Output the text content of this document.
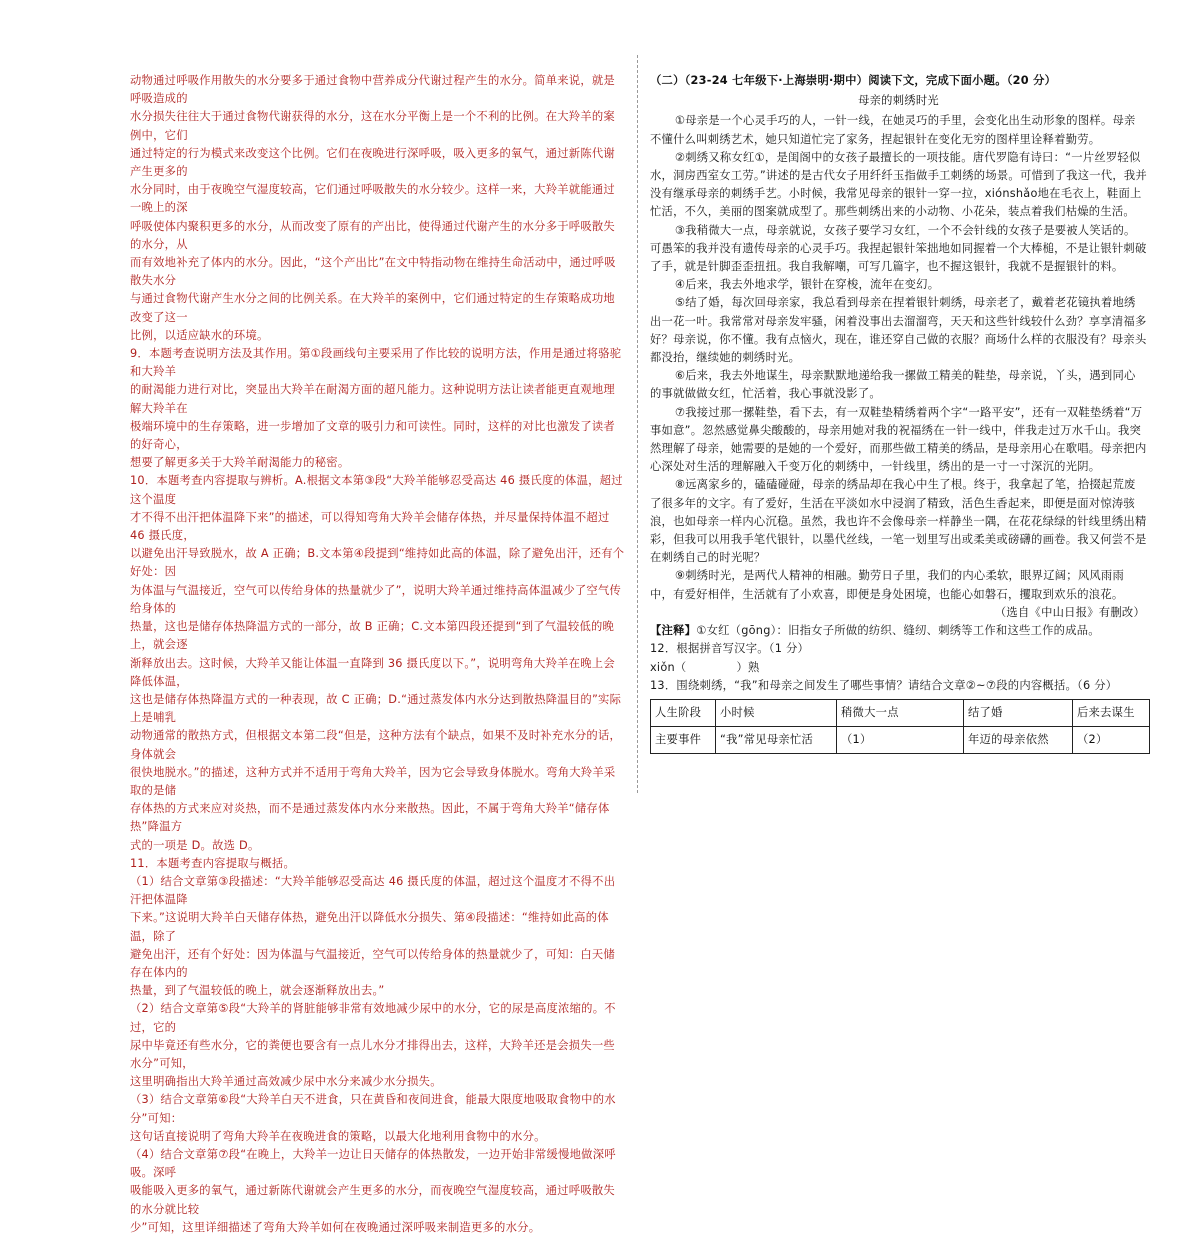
动物通过呼吸作用散失的水分要多于通过食物中营养成分代谢过程产生的水分。简单来说，就是呼吸造成的

水分损失往往大于通过食物代谢获得的水分，这在水分平衡上是一个不利的比例。在大羚羊的案例中，它们

通过特定的行为模式来改变这个比例。它们在夜晚进行深呼吸，吸入更多的氧气，通过新陈代谢产生更多的

水分同时，由于夜晚空气湿度较高，它们通过呼吸散失的水分较少。这样一来，大羚羊就能通过一晚上的深

呼吸使体内聚积更多的水分，从而改变了原有的产出比，使得通过代谢产生的水分多于呼吸散失的水分，从

而有效地补充了体内的水分。因此，“这个产出比”在文中特指动物在维持生命活动中，通过呼吸散失水分

与通过食物代谢产生水分之间的比例关系。在大羚羊的案例中，它们通过特定的生存策略成功地改变了这一

比例，以适应缺水的环境。

9．本题考查说明方法及其作用。第①段画线句主要采用了作比较的说明方法，作用是通过将骆驼和大羚羊

的耐渴能力进行对比，突显出大羚羊在耐渴方面的超凡能力。这种说明方法让读者能更直观地理解大羚羊在

极端环境中的生存策略，进一步增加了文章的吸引力和可读性。同时，这样的对比也激发了读者的好奇心，

想要了解更多关于大羚羊耐渴能力的秘密。

10．本题考查内容提取与辨析。A.根据文本第③段“大羚羊能够忍受高达 46 摄氏度的体温，超过这个温度

才不得不出汗把体温降下来”的描述，可以得知弯角大羚羊会储存体热，并尽量保持体温不超过 46 摄氏度，

以避免出汗导致脱水，故 A 正确；B.文本第④段提到“维持如此高的体温，除了避免出汗，还有个好处：因

为体温与气温接近，空气可以传给身体的热量就少了”，说明大羚羊通过维持高体温减少了空气传给身体的

热量，这也是储存体热降温方式的一部分，故 B 正确；C.文本第四段还提到“到了气温较低的晚上，就会逐

渐释放出去。这时候，大羚羊又能让体温一直降到 36 摄氏度以下。”，说明弯角大羚羊在晚上会降低体温，

这也是储存体热降温方式的一种表现，故 C 正确；D.“通过蒸发体内水分达到散热降温目的”实际上是哺乳

动物通常的散热方式，但根据文本第二段“但是，这种方法有个缺点，如果不及时补充水分的话，身体就会

很快地脱水。”的描述，这种方式并不适用于弯角大羚羊，因为它会导致身体脱水。弯角大羚羊采取的是储

存体热的方式来应对炎热，而不是通过蒸发体内水分来散热。因此，不属于弯角大羚羊“储存体热”降温方

式的一项是 D。故选 D。

11．本题考查内容提取与概括。

（1）结合文章第③段描述：“大羚羊能够忍受高达 46 摄氏度的体温，超过这个温度才不得不出汗把体温降

下来。”这说明大羚羊白天储存体热，避免出汗以降低水分损失、第④段描述：“维持如此高的体温，除了

避免出汗，还有个好处：因为体温与气温接近，空气可以传给身体的热量就少了，可知：白天储存在体内的

热量，到了气温较低的晚上，就会逐渐释放出去。”

（2）结合文章第⑤段“大羚羊的肾脏能够非常有效地减少尿中的水分，它的尿是高度浓缩的。不过，它的

尿中毕竟还有些水分，它的粪便也要含有一点儿水分才排得出去，这样，大羚羊还是会损失一些水分”可知，

这里明确指出大羚羊通过高效减少尿中水分来减少水分损失。

（3）结合文章第⑥段“大羚羊白天不进食，只在黄昏和夜间进食，能最大限度地吸取食物中的水分”可知：

这句话直接说明了弯角大羚羊在夜晚进食的策略，以最大化地利用食物中的水分。

（4）结合文章第⑦段“在晚上，大羚羊一边让日天储存的体热散发，一边开始非常缓慢地做深呼吸。深呼

吸能吸入更多的氧气，通过新陈代谢就会产生更多的水分，而夜晚空气湿度较高，通过呼吸散失的水分就比较

少”可知，这里详细描述了弯角大羚羊如何在夜晚通过深呼吸来制造更多的水分。

（二）（23-24 七年级下·上海崇明·期中）阅读下文，完成下面小题。（20 分）

母亲的刺绣时光

①母亲是一个心灵手巧的人，一针一线，在她灵巧的手里，会变化出生动形象的图样。母亲不懂什么叫刺绣艺术，她只知道忙完了家务，捏起银针在变化无穷的图样里诠释着勤劳。

②刺绣又称女红①，是闺阁中的女孩子最擅长的一项技能。唐代罗隐有诗曰：“一片丝罗轻似水，洞房西室女工劳。”讲述的是古代女子用纤纤玉指做手工刺绣的场景。可惜到了我这一代，我并没有继承母亲的刺绣手艺。小时候，我常见母亲的银针一穿一拉，xiónshǎo地在毛衣上，鞋面上忙活，不久，美丽的图案就成型了。那些刺绣出来的小动物、小花朵，装点着我们枯燥的生活。

③我稍微大一点，母亲就说，女孩子要学习女红，一个不会针线的女孩子是要被人笑话的。可愚笨的我并没有遗传母亲的心灵手巧。我捏起银针笨拙地如同握着一个大棒槌，不是让银针刺破了手，就是针脚歪歪扭扭。我自我解嘲，可写几篇字，也不握这银针，我就不是握银针的料。

④后来，我去外地求学，银针在穿梭，流年在变幻。

⑤结了婚，每次回母亲家，我总看到母亲在捏着银针刺绣，母亲老了，戴着老花镜执着地绣出一花一叶。我常常对母亲发牢骚，闲着没事出去溜溜弯，天天和这些针线较什么劲？享享清福多好？母亲说，你不懂。我有点恼火，现在，谁还穿自己做的衣服？商场什么样的衣服没有？母亲头都没抬，继续她的刺绣时光。

⑥后来，我去外地谋生，母亲默默地递给我一摞做工精美的鞋垫，母亲说，丫头，遇到同心的事就做做女红，忙活着，我心事就没影了。

⑦我接过那一摞鞋垫，看下去，有一双鞋垫精绣着两个字“一路平安”，还有一双鞋垫绣着“万事如意”。忽然感觉鼻尖酸酸的，母亲用她对我的祝福绣在一针一线中，伴我走过万水千山。我突然理解了母亲，她需要的是她的一个爱好，而那些做工精美的绣品，是母亲用心在歌唱。母亲把内心深处对生活的理解融入千变万化的刺绣中，一针线里，绣出的是一寸一寸深沉的光阴。

⑧远离家乡的，磕磕碰碰，母亲的绣品却在我心中生了根。终于，我拿起了笔，拾掇起荒废了很多年的文字。有了爱好，生活在平淡如水中浸润了精致，活色生香起来，即便是面对惊涛骇浪，也如母亲一样内心沉稳。虽然，我也许不会像母亲一样静坐一隅，在花花绿绿的针线里绣出精彩，但我可以用我手笔代银针，以墨代丝线，一笔一划里写出或柔美或磅礴的画卷。我又何尝不是在刺绣自己的时光呢？

⑨刺绣时光，是两代人精神的相融。勤劳日子里，我们的内心柔软，眼界辽阔；风风雨雨中，有爱好相伴，生活就有了小欢喜，即便是身处困境，也能心如磐石，攫取到欢乐的浪花。

（选自《中山日报》有删改）

【注释】①女红（gōng）：旧指女子所做的纺织、缝纫、刺绣等工作和这些工作的成品。

12．根据拼音写汉字。（1 分）

xiǒn（	）熟

13．围绕刺绣，“我”和母亲之间发生了哪些事情？请结合文章②~⑦段的内容概括。（6 分）

人生阶段	小时候	稍微大一点	结了婚	后来去谋生
主要事件	“我”常见母亲忙活	（1）	年迈的母亲依然	（2）
